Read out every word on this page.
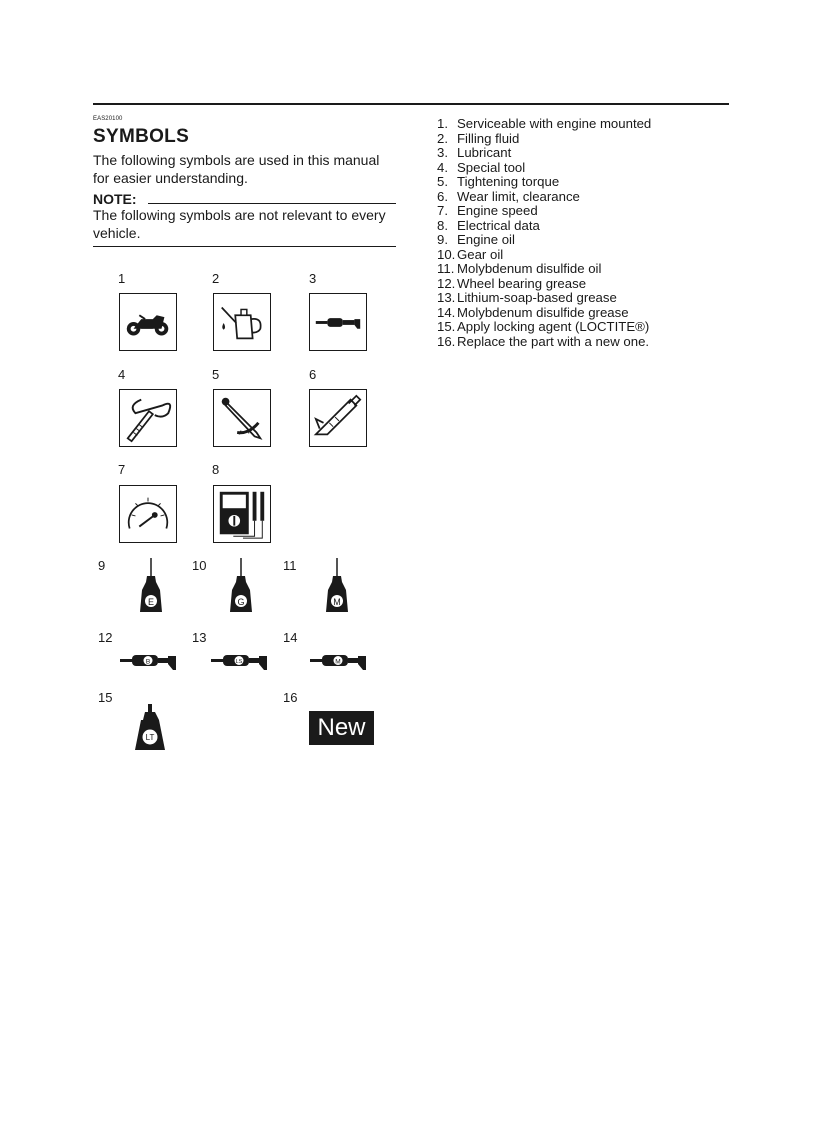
EAS20100
SYMBOLS
The following symbols are used in this manual for easier understanding.
NOTE:
The following symbols are not relevant to every vehicle.
1	2	3
4	5	6
7	8
9	10	11
12	13	14
15	16
E	G	M
B	LS	M
LT	New
1. Serviceable with engine mounted
2. Filling fluid
3. Lubricant
4. Special tool
5. Tightening torque
6. Wear limit, clearance
7. Engine speed
8. Electrical data
9. Engine oil
10. Gear oil
11. Molybdenum disulfide oil
12. Wheel bearing grease
13. Lithium-soap-based grease
14. Molybdenum disulfide grease
15. Apply locking agent (LOCTITE®)
16. Replace the part with a new one.
